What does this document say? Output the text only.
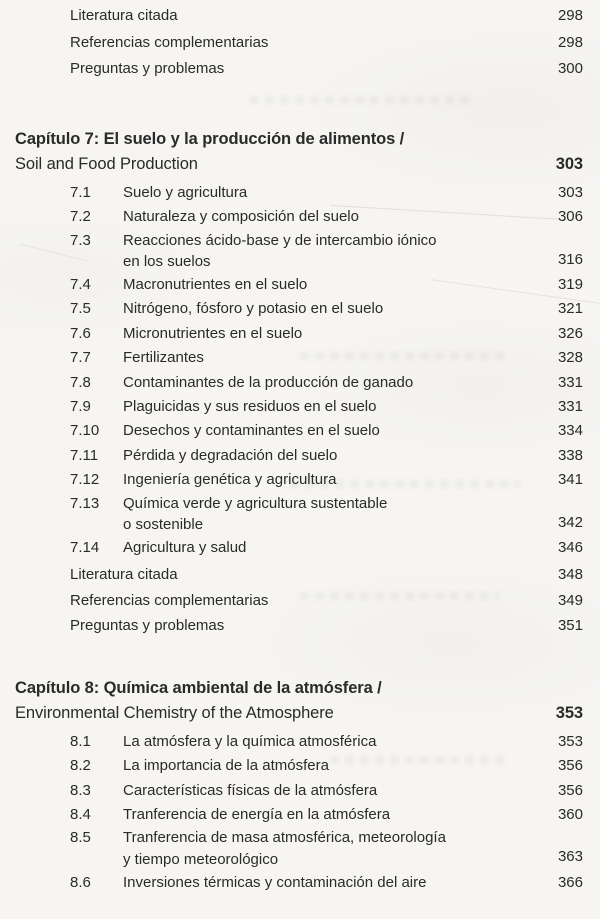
Literatura citada	298
Referencias complementarias	298
Preguntas y problemas	300
Capítulo 7: El suelo y la producción de alimentos /
Soil and Food Production	303
7.1	Suelo y agricultura	303
7.2	Naturaleza y composición del suelo	306
7.3	Reacciones ácido-base y de intercambio iónico
en los suelos	316
7.4	Macronutrientes en el suelo	319
7.5	Nitrógeno, fósforo y potasio en el suelo	321
7.6	Micronutrientes en el suelo	326
7.7	Fertilizantes	328
7.8	Contaminantes de la producción de ganado	331
7.9	Plaguicidas y sus residuos en el suelo	331
7.10	Desechos y contaminantes en el suelo	334
7.11	Pérdida y degradación del suelo	338
7.12	Ingeniería genética y agricultura	341
7.13	Química verde y agricultura sustentable
o sostenible	342
7.14	Agricultura y salud	346
Literatura citada	348
Referencias complementarias	349
Preguntas y problemas	351
Capítulo 8: Química ambiental de la atmósfera /
Environmental Chemistry of the Atmosphere	353
8.1	La atmósfera y la química atmosférica	353
8.2	La importancia de la atmósfera	356
8.3	Características físicas de la atmósfera	356
8.4	Tranferencia de energía en la atmósfera	360
8.5	Tranferencia de masa atmosférica, meteorología
y tiempo meteorológico	363
8.6	Inversiones térmicas y contaminación del aire	366
